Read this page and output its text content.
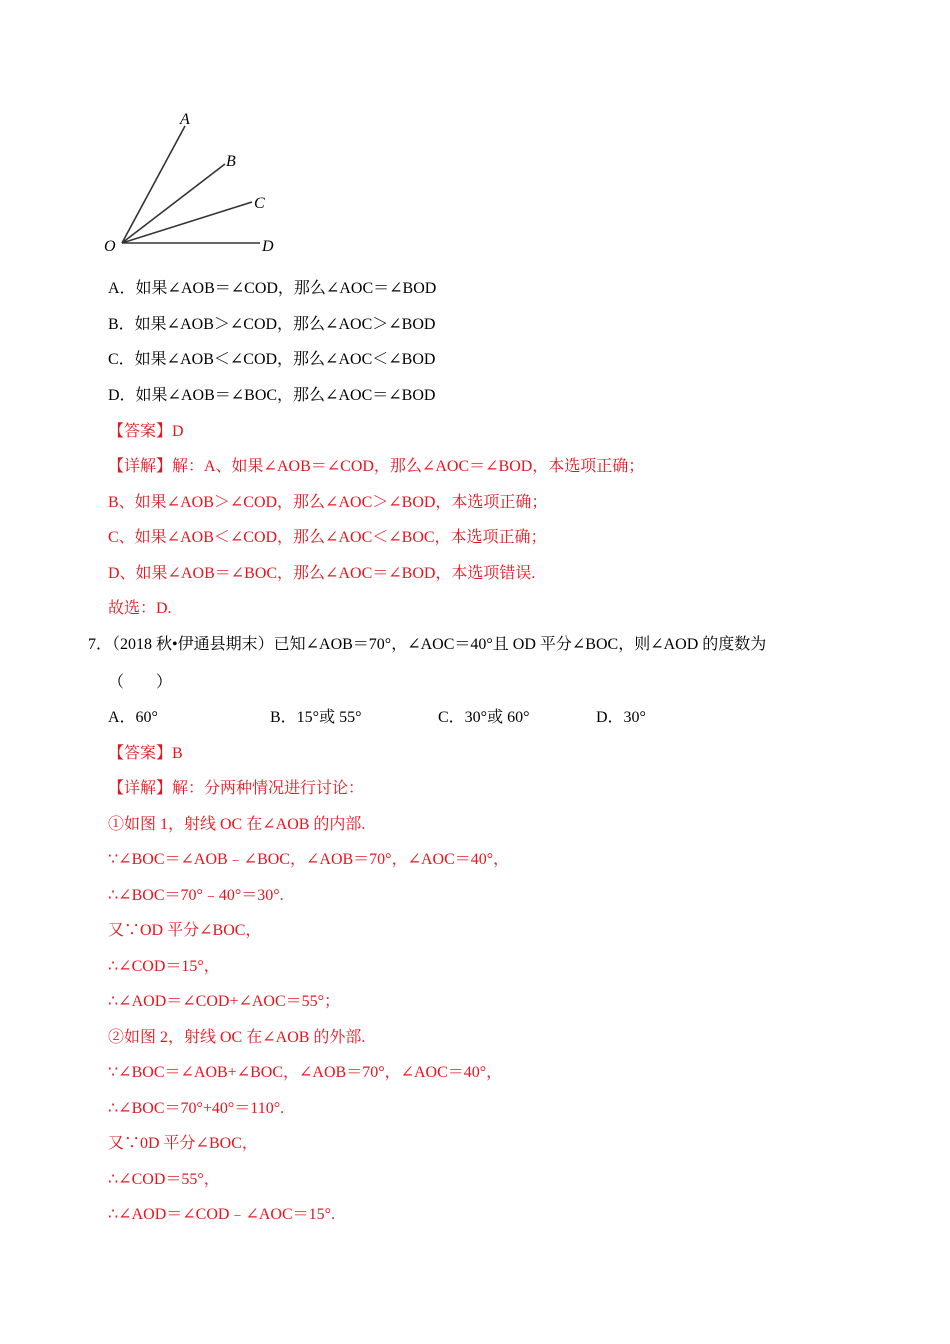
A
B
C
D
O
A．如果∠AOB＝∠COD，那么∠AOC＝∠BOD
B．如果∠AOB＞∠COD，那么∠AOC＞∠BOD
C．如果∠AOB＜∠COD，那么∠AOC＜∠BOD
D．如果∠AOB＝∠BOC，那么∠AOC＝∠BOD
【答案】D
【详解】解：A、如果∠AOB＝∠COD，那么∠AOC＝∠BOD，本选项正确；
B、如果∠AOB＞∠COD，那么∠AOC＞∠BOD，本选项正确；
C、如果∠AOB＜∠COD，那么∠AOC＜∠BOC，本选项正确；
D、如果∠AOB＝∠BOC，那么∠AOC＝∠BOD，本选项错误.
故选：D.
7．（2018 秋•伊通县期末）已知∠AOB＝70°，∠AOC＝40°且 OD 平分∠BOC，则∠AOD 的度数为
（　　）
A．60°	B．15°或 55°	C．30°或 60°	D．30°
【答案】B
【详解】解：分两种情况进行讨论：
①如图 1，射线 OC 在∠AOB 的内部.
∵∠BOC＝∠AOB﹣∠BOC，∠AOB＝70°，∠AOC＝40°，
∴∠BOC＝70°﹣40°＝30°.
又∵OD 平分∠BOC，
∴∠COD＝15°，
∴∠AOD＝∠COD+∠AOC＝55°；
②如图 2，射线 OC 在∠AOB 的外部.
∵∠BOC＝∠AOB+∠BOC，∠AOB＝70°，∠AOC＝40°，
∴∠BOC＝70°+40°＝110°.
又∵0D 平分∠BOC，
∴∠COD＝55°，
∴∠AOD＝∠COD﹣∠AOC＝15°.
